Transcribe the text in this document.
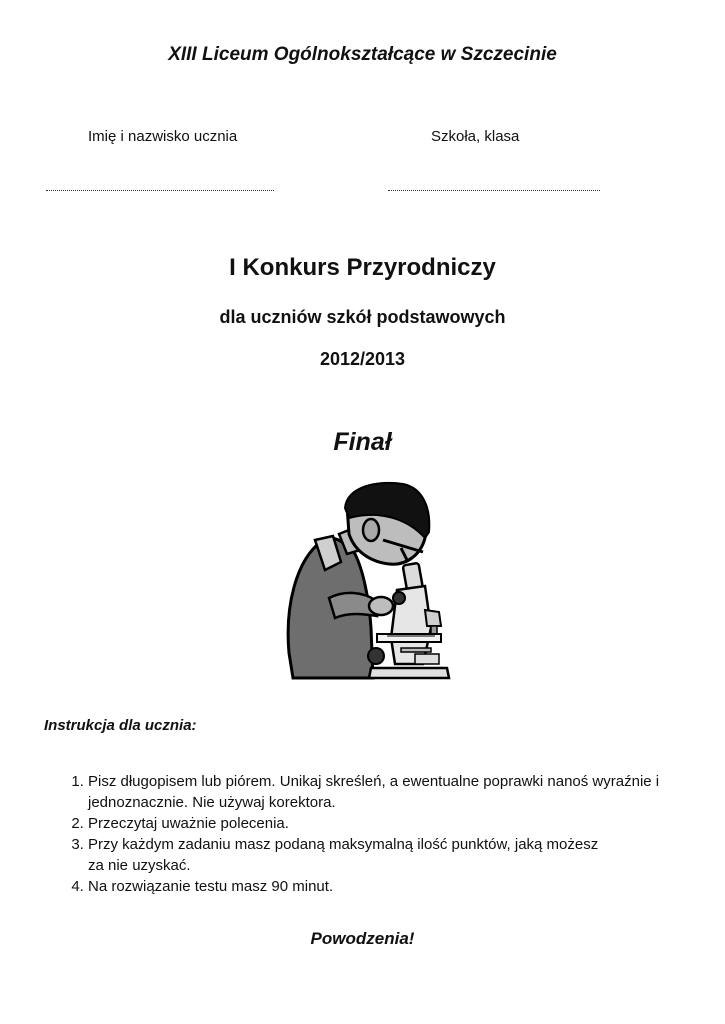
XIII Liceum Ogólnokształcące w Szczecinie
Imię i nazwisko ucznia	Szkoła, klasa
I Konkurs Przyrodniczy
dla uczniów szkół podstawowych
2012/2013
Finał
Instrukcja dla ucznia:
1. Pisz długopisem lub piórem. Unikaj skreśleń, a ewentualne poprawki nanoś wyraźnie i jednoznacznie. Nie używaj korektora.
2. Przeczytaj uważnie polecenia.
3. Przy każdym zadaniu masz podaną maksymalną ilość punktów, jaką możesz za nie uzyskać.
4. Na rozwiązanie testu masz 90 minut.
Powodzenia!
